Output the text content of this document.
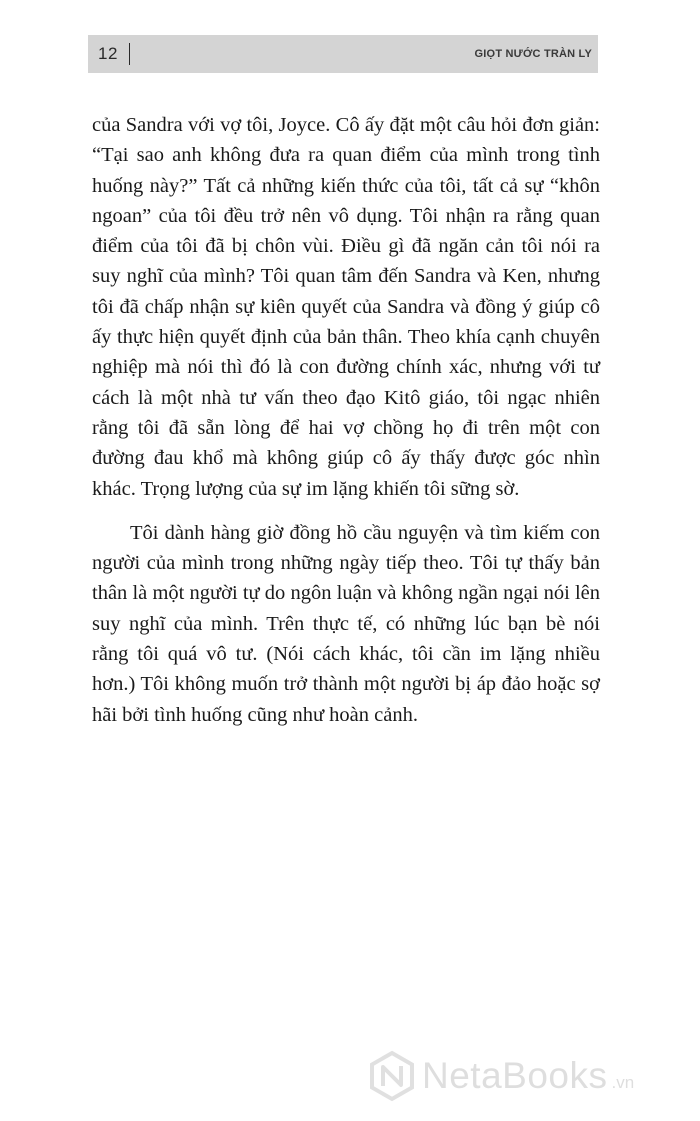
12	GIỌT NƯỚC TRÀN LY

của Sandra với vợ tôi, Joyce. Cô ấy đặt một câu hỏi đơn giản: “Tại sao anh không đưa ra quan điểm của mình trong tình huống này?” Tất cả những kiến thức của tôi, tất cả sự “khôn ngoan” của tôi đều trở nên vô dụng. Tôi nhận ra rằng quan điểm của tôi đã bị chôn vùi. Điều gì đã ngăn cản tôi nói ra suy nghĩ của mình? Tôi quan tâm đến Sandra và Ken, nhưng tôi đã chấp nhận sự kiên quyết của Sandra và đồng ý giúp cô ấy thực hiện quyết định của bản thân. Theo khía cạnh chuyên nghiệp mà nói thì đó là con đường chính xác, nhưng với tư cách là một nhà tư vấn theo đạo Kitô giáo, tôi ngạc nhiên rằng tôi đã sẵn lòng để hai vợ chồng họ đi trên một con đường đau khổ mà không giúp cô ấy thấy được góc nhìn khác. Trọng lượng của sự im lặng khiến tôi sững sờ.

Tôi dành hàng giờ đồng hồ cầu nguyện và tìm kiếm con người của mình trong những ngày tiếp theo. Tôi tự thấy bản thân là một người tự do ngôn luận và không ngần ngại nói lên suy nghĩ của mình. Trên thực tế, có những lúc bạn bè nói rằng tôi quá vô tư. (Nói cách khác, tôi cần im lặng nhiều hơn.) Tôi không muốn trở thành một người bị áp đảo hoặc sợ hãi bởi tình huống cũng như hoàn cảnh.

NetaBooks .vn
